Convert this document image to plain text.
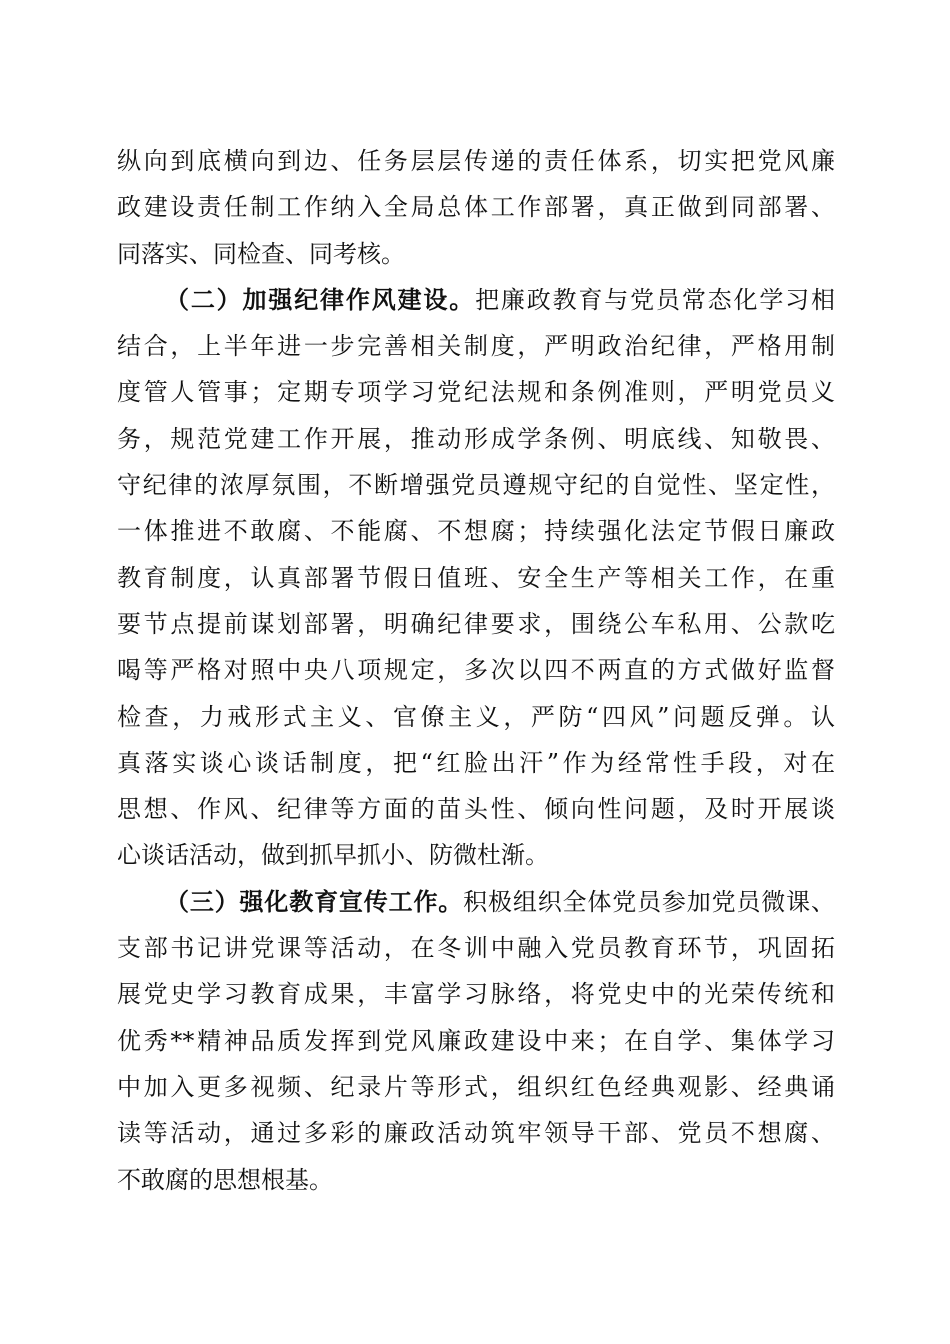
纵向到底横向到边、任务层层传递的责任体系，切实把党风廉
政建设责任制工作纳入全局总体工作部署，真正做到同部署、
同落实、同检查、同考核。
（二）加强纪律作风建设。把廉政教育与党员常态化学习相
结合，上半年进一步完善相关制度，严明政治纪律，严格用制
度管人管事；定期专项学习党纪法规和条例准则，严明党员义
务，规范党建工作开展，推动形成学条例、明底线、知敬畏、
守纪律的浓厚氛围，不断增强党员遵规守纪的自觉性、坚定性，
一体推进不敢腐、不能腐、不想腐；持续强化法定节假日廉政
教育制度，认真部署节假日值班、安全生产等相关工作，在重
要节点提前谋划部署，明确纪律要求，围绕公车私用、公款吃
喝等严格对照中央八项规定，多次以四不两直的方式做好监督
检查，力戒形式主义、官僚主义，严防“四风”问题反弹。认
真落实谈心谈话制度，把“红脸出汗”作为经常性手段，对在
思想、作风、纪律等方面的苗头性、倾向性问题，及时开展谈
心谈话活动，做到抓早抓小、防微杜渐。
（三）强化教育宣传工作。积极组织全体党员参加党员微课、
支部书记讲党课等活动，在冬训中融入党员教育环节，巩固拓
展党史学习教育成果，丰富学习脉络，将党史中的光荣传统和
优秀**精神品质发挥到党风廉政建设中来；在自学、集体学习
中加入更多视频、纪录片等形式，组织红色经典观影、经典诵
读等活动，通过多彩的廉政活动筑牢领导干部、党员不想腐、
不敢腐的思想根基。
